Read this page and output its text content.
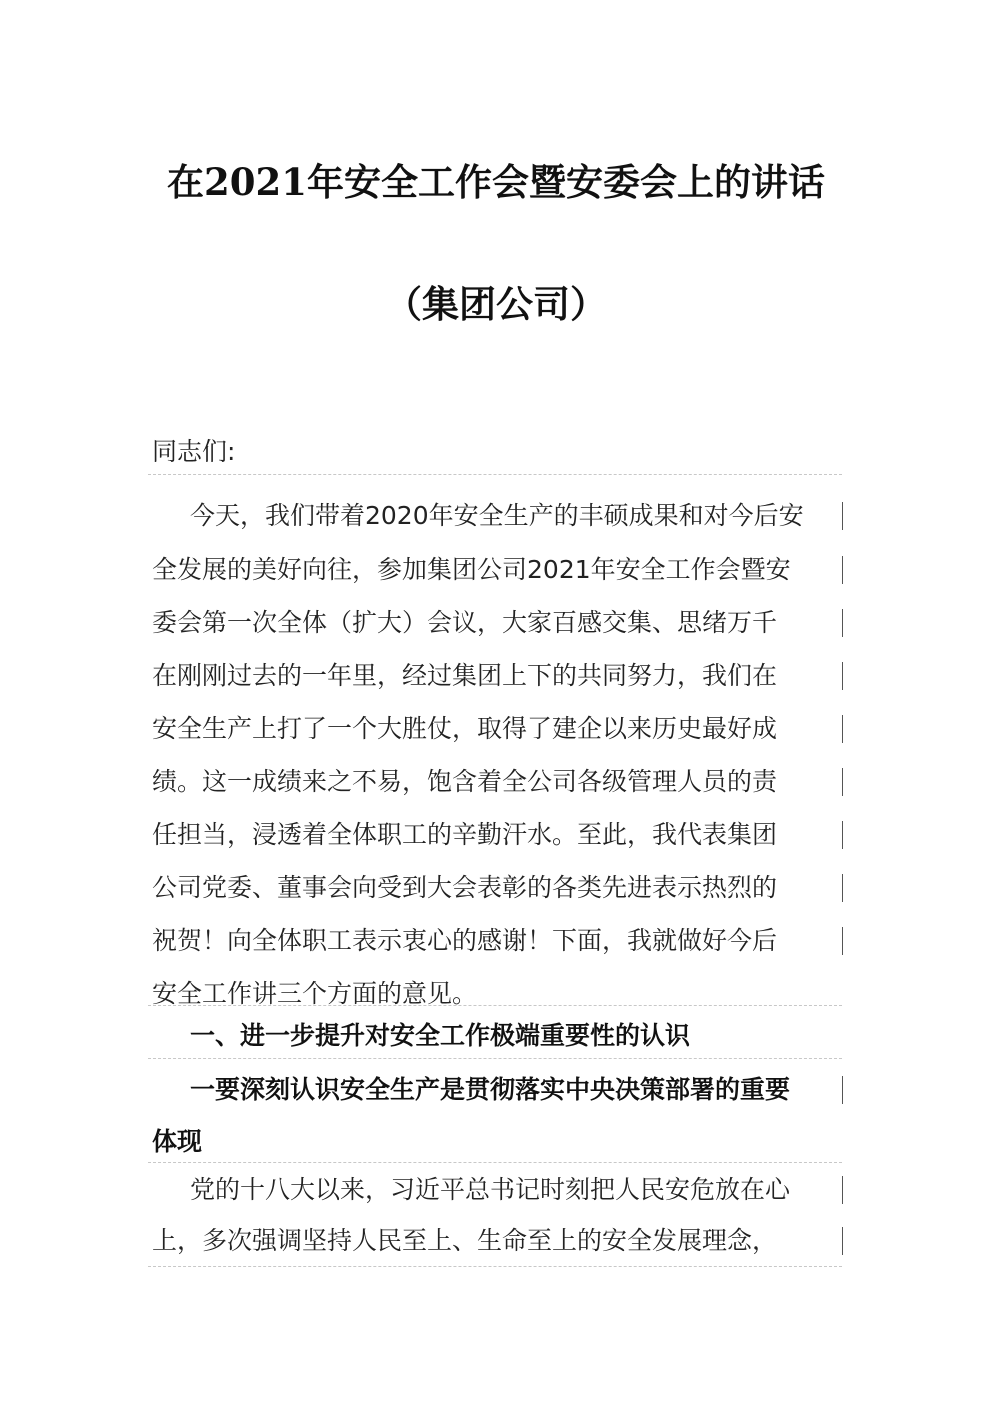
在2021年安全工作会暨安委会上的讲话
（集团公司）
同志们:
今天，我们带着2020年安全生产的丰硕成果和对今后安
全发展的美好向往，参加集团公司2021年安全工作会暨安
委会第一次全体（扩大）会议，大家百感交集、思绪万千
在刚刚过去的一年里，经过集团上下的共同努力，我们在
安全生产上打了一个大胜仗，取得了建企以来历史最好成
绩。这一成绩来之不易，饱含着全公司各级管理人员的责
任担当，浸透着全体职工的辛勤汗水。至此，我代表集团
公司党委、董事会向受到大会表彰的各类先进表示热烈的
祝贺！向全体职工表示衷心的感谢！下面，我就做好今后
安全工作讲三个方面的意见。
一、进一步提升对安全工作极端重要性的认识
一要深刻认识安全生产是贯彻落实中央决策部署的重要
体现
党的十八大以来，习近平总书记时刻把人民安危放在心
上，多次强调坚持人民至上、生命至上的安全发展理念，
